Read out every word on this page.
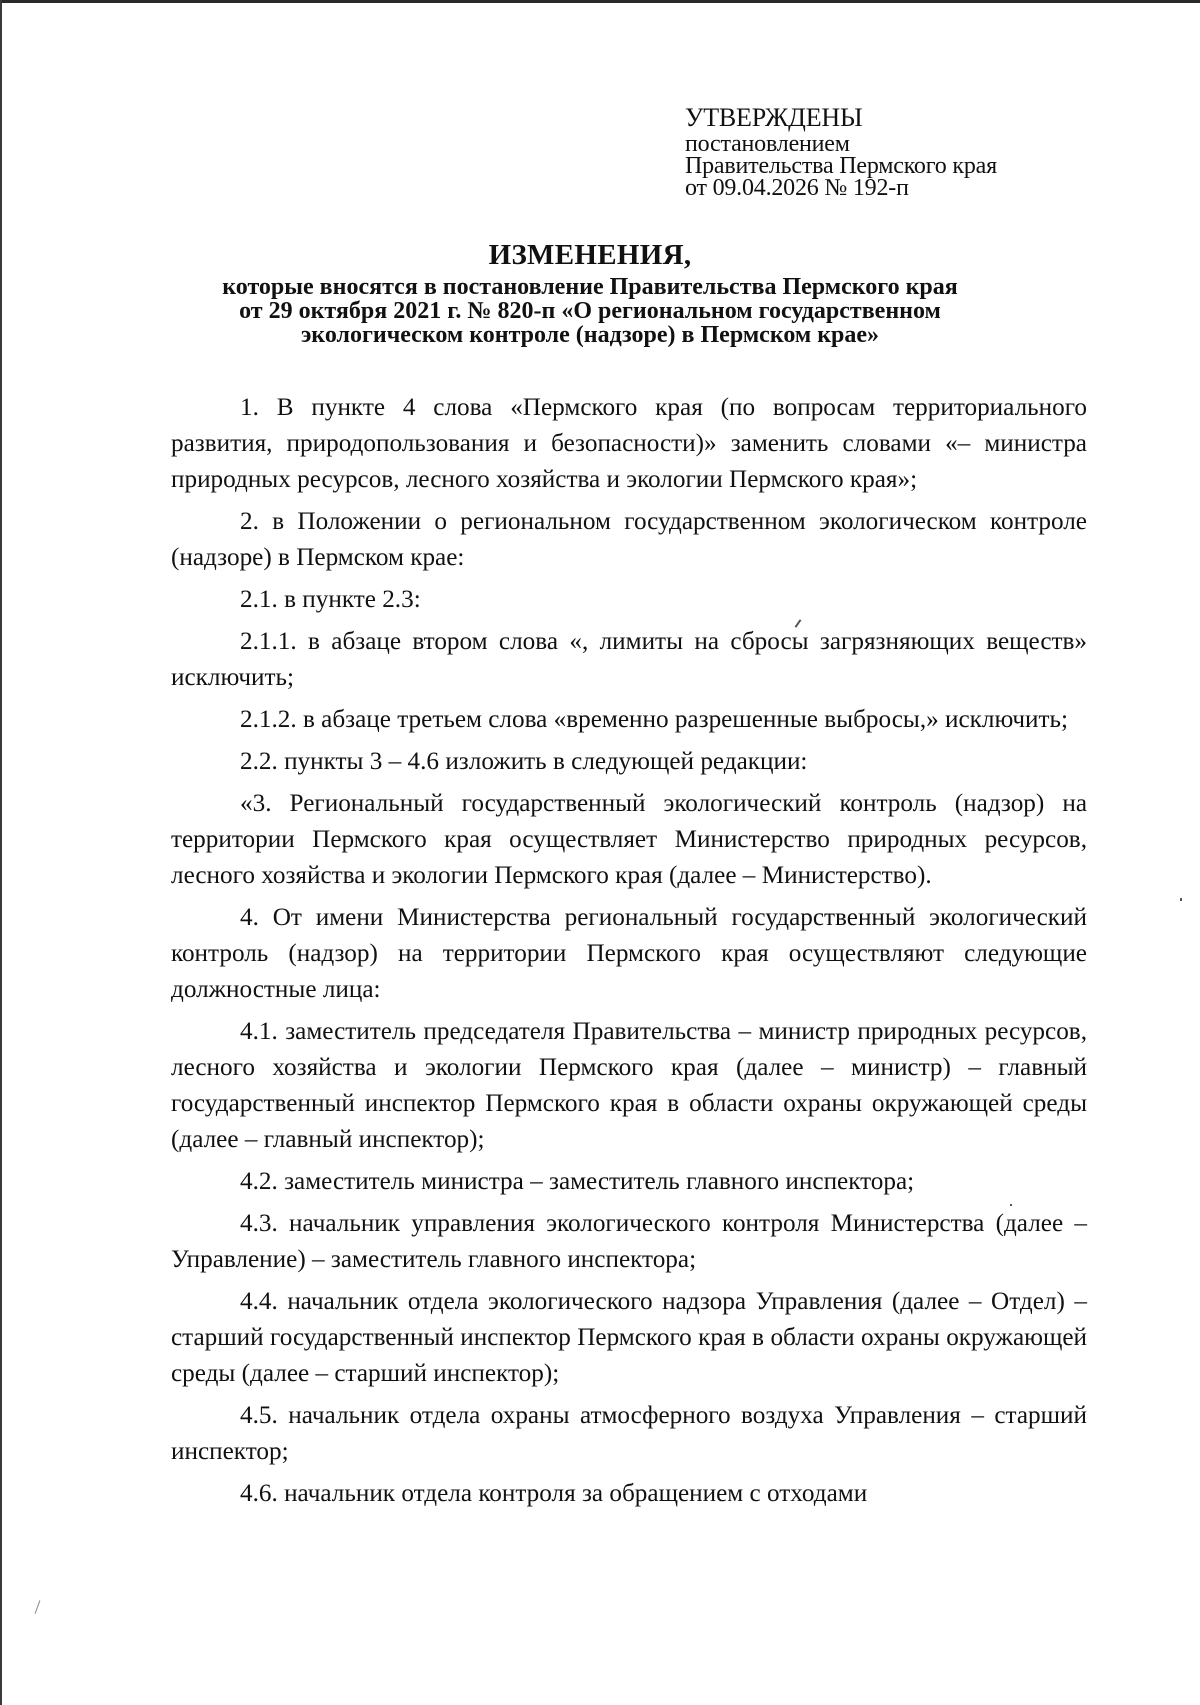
УТВЕРЖДЕНЫ
постановлением
Правительства Пермского края
от 09.04.2026 № 192-п
ИЗМЕНЕНИЯ,
которые вносятся в постановление Правительства Пермского края
от 29 октября 2021 г. № 820-п «О региональном государственном
экологическом контроле (надзоре) в Пермском крае»

1. В пункте 4 слова «Пермского края (по вопросам территориального развития, природопользования и безопасности)» заменить словами «– министра природных ресурсов, лесного хозяйства и экологии Пермского края»;

2. в Положении о региональном государственном экологическом контроле (надзоре) в Пермском крае:

2.1. в пункте 2.3:

2.1.1. в абзаце втором слова «, лимиты на сбросы загрязняющих веществ» исключить;

2.1.2. в абзаце третьем слова «временно разрешенные выбросы,» исключить;

2.2. пункты 3 – 4.6 изложить в следующей редакции:

«3. Региональный государственный экологический контроль (надзор) на территории Пермского края осуществляет Министерство природных ресурсов, лесного хозяйства и экологии Пермского края (далее – Министерство).

4. От имени Министерства региональный государственный экологический контроль (надзор) на территории Пермского края осуществляют следующие должностные лица:

4.1. заместитель председателя Правительства – министр природных ресурсов, лесного хозяйства и экологии Пермского края (далее – министр) – главный государственный инспектор Пермского края в области охраны окружающей среды (далее – главный инспектор);

4.2. заместитель министра – заместитель главного инспектора;

4.3. начальник управления экологического контроля Министерства (далее – Управление) – заместитель главного инспектора;

4.4. начальник отдела экологического надзора Управления (далее – Отдел) – старший государственный инспектор Пермского края в области охраны окружающей среды (далее – старший инспектор);

4.5. начальник отдела охраны атмосферного воздуха Управления – старший инспектор;

4.6. начальник отдела контроля за обращением с отходами
